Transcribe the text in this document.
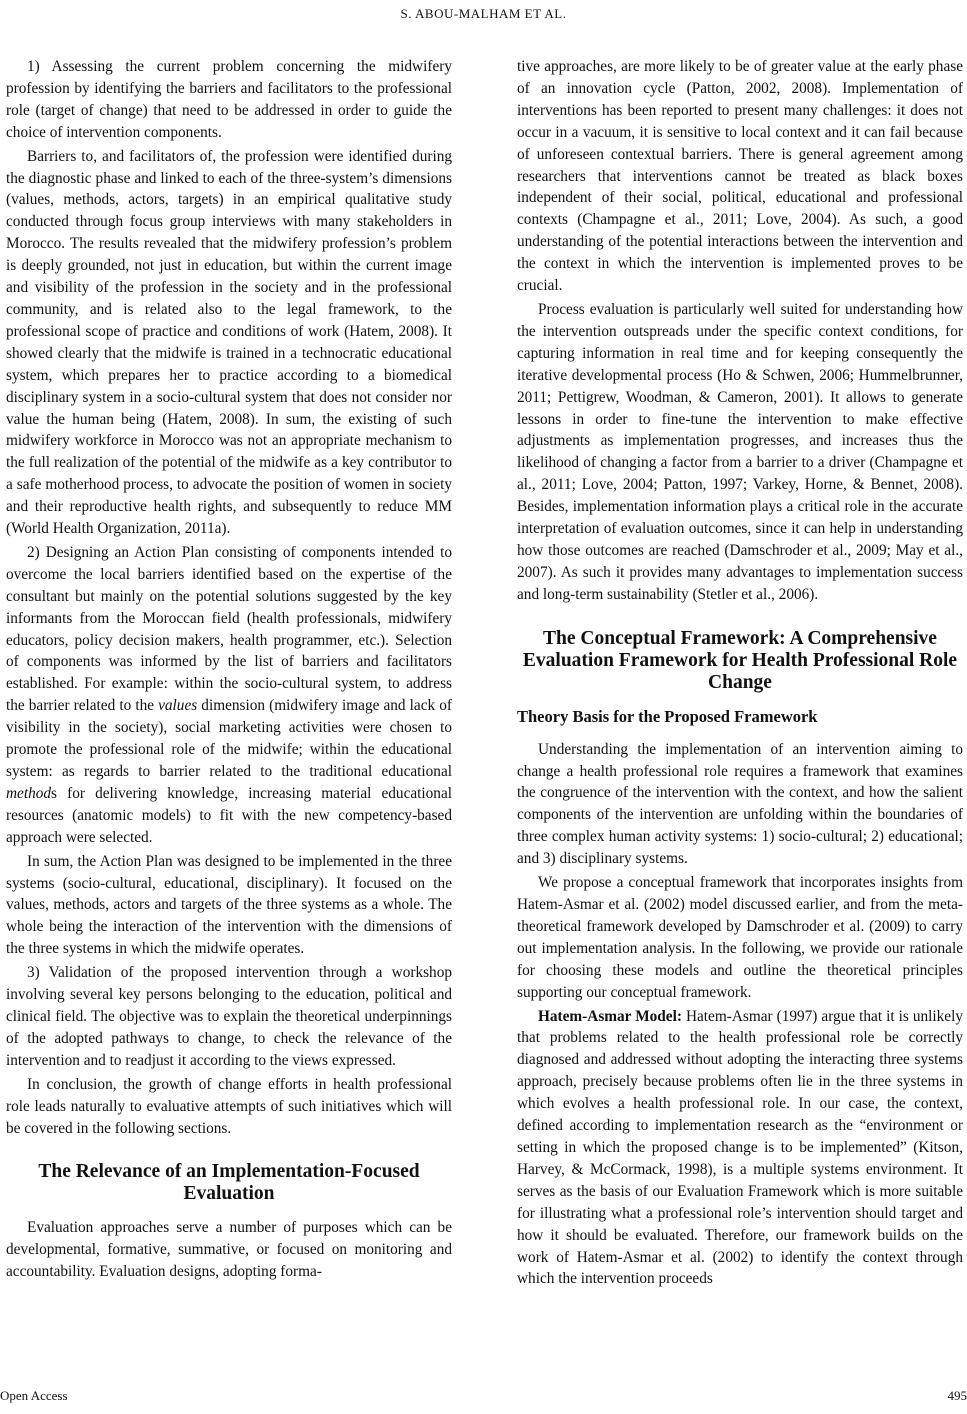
S. ABOU-MALHAM ET AL.

1) Assessing the current problem concerning the midwifery profession by identifying the barriers and facilitators to the professional role (target of change) that need to be addressed in order to guide the choice of intervention components.

Barriers to, and facilitators of, the profession were identified during the diagnostic phase and linked to each of the three-system’s dimensions (values, methods, actors, targets) in an empirical qualitative study conducted through focus group interviews with many stakeholders in Morocco. The results revealed that the midwifery profession’s problem is deeply grounded, not just in education, but within the current image and visibility of the profession in the society and in the professional community, and is related also to the legal framework, to the professional scope of practice and conditions of work (Hatem, 2008). It showed clearly that the midwife is trained in a technocratic educational system, which prepares her to practice according to a biomedical disciplinary system in a socio-cultural system that does not consider nor value the human being (Hatem, 2008). In sum, the existing of such midwifery workforce in Morocco was not an appropriate mechanism to the full realization of the potential of the midwife as a key contributor to a safe motherhood process, to advocate the position of women in society and their reproductive health rights, and subsequently to reduce MM (World Health Organization, 2011a).

2) Designing an Action Plan consisting of components intended to overcome the local barriers identified based on the expertise of the consultant but mainly on the potential solutions suggested by the key informants from the Moroccan field (health professionals, midwifery educators, policy decision makers, health programmer, etc.). Selection of components was informed by the list of barriers and facilitators established. For example: within the socio-cultural system, to address the barrier related to the values dimension (midwifery image and lack of visibility in the society), social marketing activities were chosen to promote the professional role of the midwife; within the educational system: as regards to barrier related to the traditional educational methods for delivering knowledge, increasing material educational resources (anatomic models) to fit with the new competency-based approach were selected.

In sum, the Action Plan was designed to be implemented in the three systems (socio-cultural, educational, disciplinary). It focused on the values, methods, actors and targets of the three systems as a whole. The whole being the interaction of the intervention with the dimensions of the three systems in which the midwife operates.

3) Validation of the proposed intervention through a workshop involving several key persons belonging to the education, political and clinical field. The objective was to explain the theoretical underpinnings of the adopted pathways to change, to check the relevance of the intervention and to readjust it according to the views expressed.

In conclusion, the growth of change efforts in health professional role leads naturally to evaluative attempts of such initiatives which will be covered in the following sections.

The Relevance of an Implementation-Focused Evaluation

Evaluation approaches serve a number of purposes which can be developmental, formative, summative, or focused on monitoring and accountability. Evaluation designs, adopting forma-

tive approaches, are more likely to be of greater value at the early phase of an innovation cycle (Patton, 2002, 2008). Implementation of interventions has been reported to present many challenges: it does not occur in a vacuum, it is sensitive to local context and it can fail because of unforeseen contextual barriers. There is general agreement among researchers that interventions cannot be treated as black boxes independent of their social, political, educational and professional contexts (Champagne et al., 2011; Love, 2004). As such, a good understanding of the potential interactions between the intervention and the context in which the intervention is implemented proves to be crucial.

Process evaluation is particularly well suited for understanding how the intervention outspreads under the specific context conditions, for capturing information in real time and for keeping consequently the iterative developmental process (Ho & Schwen, 2006; Hummelbrunner, 2011; Pettigrew, Woodman, & Cameron, 2001). It allows to generate lessons in order to fine-tune the intervention to make effective adjustments as implementation progresses, and increases thus the likelihood of changing a factor from a barrier to a driver (Champagne et al., 2011; Love, 2004; Patton, 1997; Varkey, Horne, & Bennet, 2008). Besides, implementation information plays a critical role in the accurate interpretation of evaluation outcomes, since it can help in understanding how those outcomes are reached (Damschroder et al., 2009; May et al., 2007). As such it provides many advantages to implementation success and long-term sustainability (Stetler et al., 2006).

The Conceptual Framework: A Comprehensive Evaluation Framework for Health Professional Role Change
Theory Basis for the Proposed Framework

Understanding the implementation of an intervention aiming to change a health professional role requires a framework that examines the congruence of the intervention with the context, and how the salient components of the intervention are unfolding within the boundaries of three complex human activity systems: 1) socio-cultural; 2) educational; and 3) disciplinary systems.

We propose a conceptual framework that incorporates insights from Hatem-Asmar et al. (2002) model discussed earlier, and from the meta-theoretical framework developed by Damschroder et al. (2009) to carry out implementation analysis. In the following, we provide our rationale for choosing these models and outline the theoretical principles supporting our conceptual framework.

Hatem-Asmar Model: Hatem-Asmar (1997) argue that it is unlikely that problems related to the health professional role be correctly diagnosed and addressed without adopting the interacting three systems approach, precisely because problems often lie in the three systems in which evolves a health professional role. In our case, the context, defined according to implementation research as the “environment or setting in which the proposed change is to be implemented” (Kitson, Harvey, & McCormack, 1998), is a multiple systems environment. It serves as the basis of our Evaluation Framework which is more suitable for illustrating what a professional role’s intervention should target and how it should be evaluated. Therefore, our framework builds on the work of Hatem-Asmar et al. (2002) to identify the context through which the intervention proceeds

Open Access	495
